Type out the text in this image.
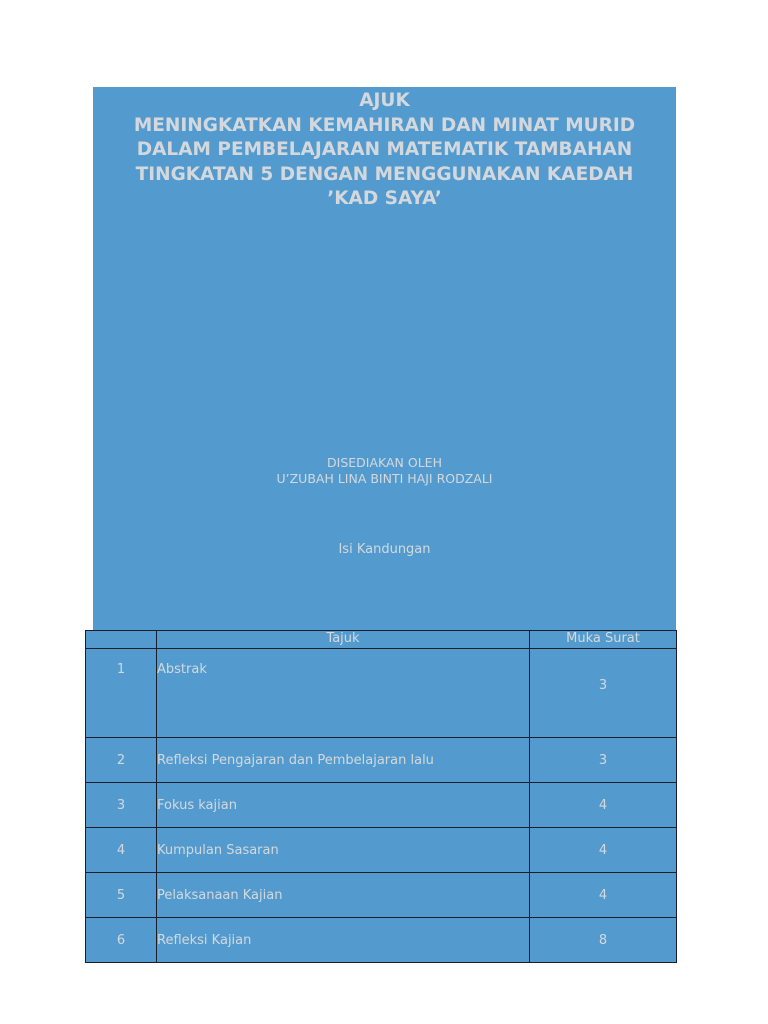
AJUK
MENINGKATKAN KEMAHIRAN DAN MINAT MURID
DALAM PEMBELAJARAN MATEMATIK TAMBAHAN
TINGKATAN 5 DENGAN MENGGUNAKAN KAEDAH
’KAD SAYA’
DISEDIAKAN OLEH
U’ZUBAH LINA BINTI HAJI RODZALI
Isi Kandungan
	Tajuk	Muka Surat
1	Abstrak	3
2	Refleksi Pengajaran dan Pembelajaran lalu	3
3	Fokus kajian	4
4	Kumpulan Sasaran	4
5	Pelaksanaan Kajian	4
6	Refleksi Kajian	8
